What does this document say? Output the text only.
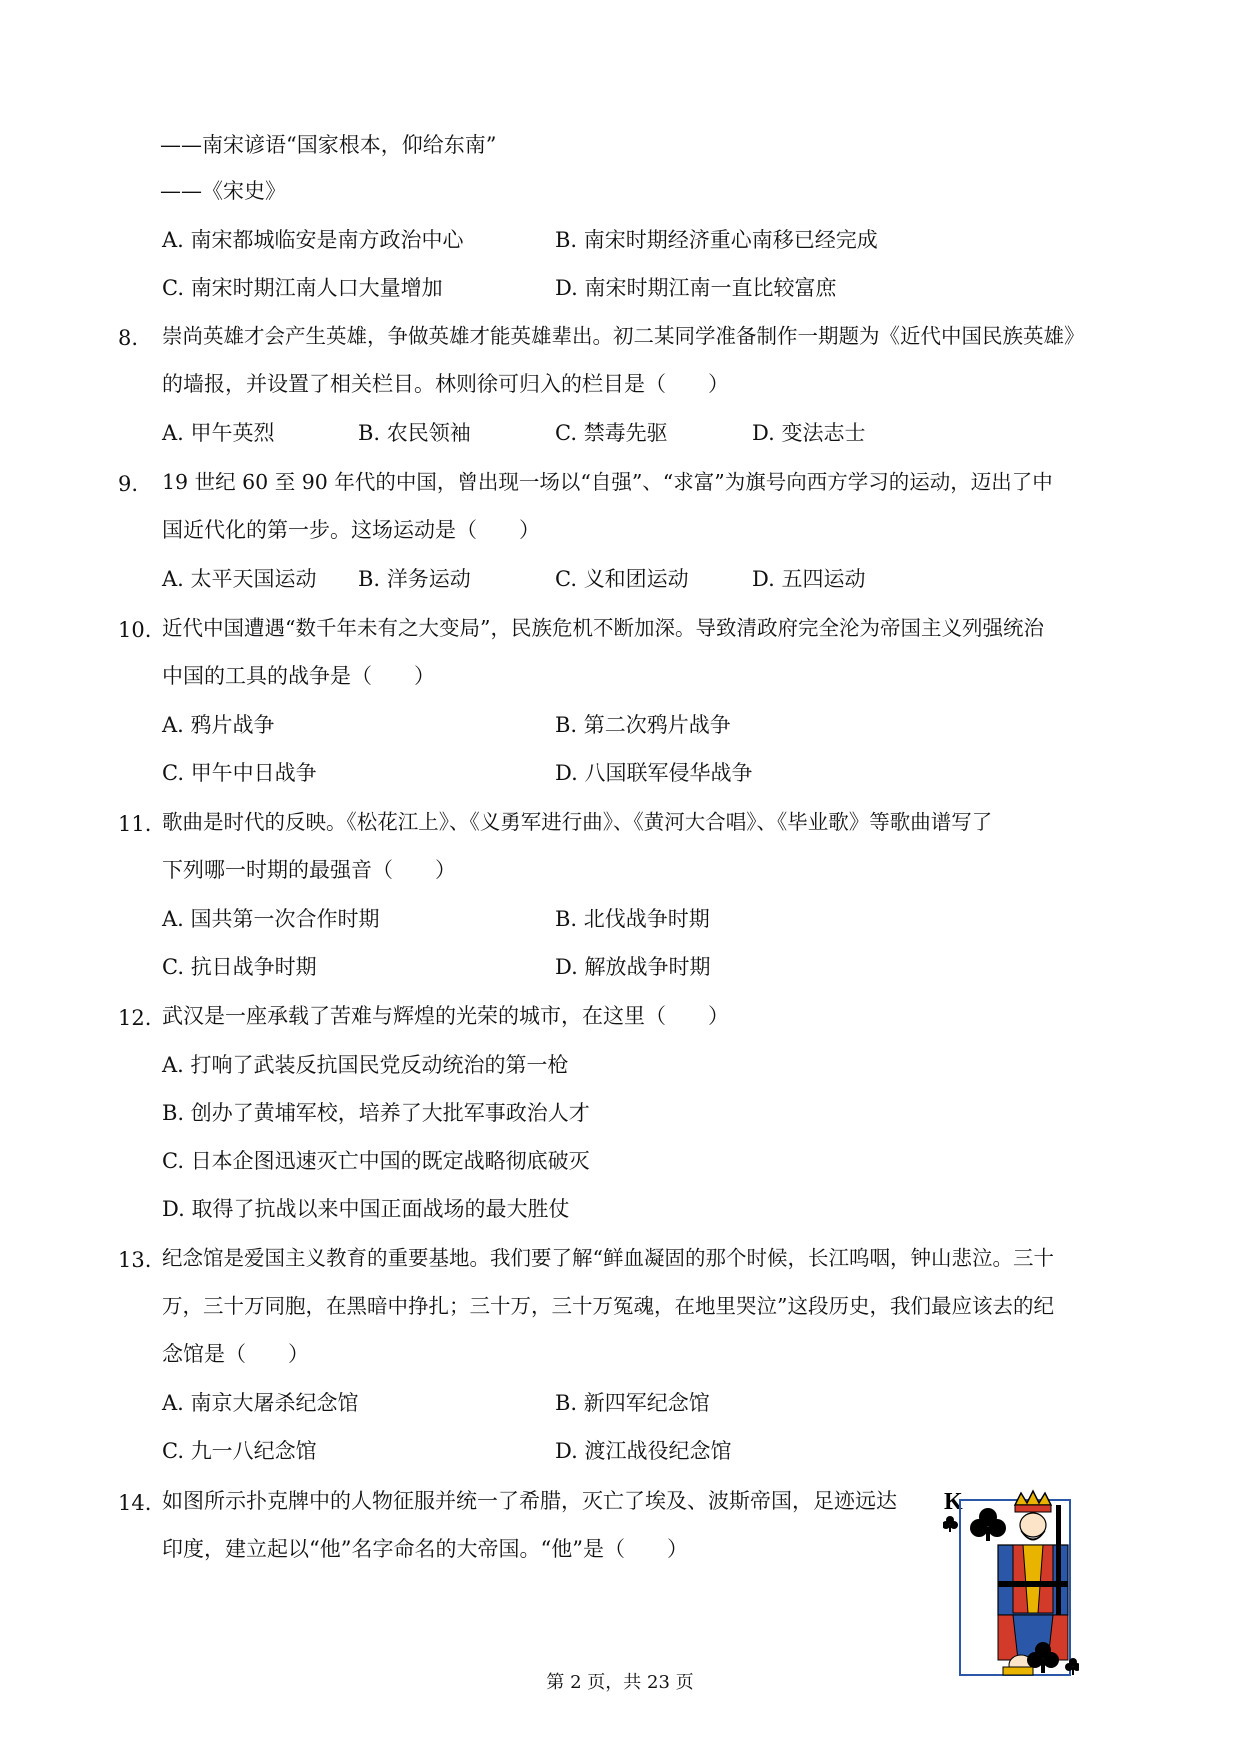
——南宋谚语“国家根本，仰给东南”
——《宋史》
A. 南宋都城临安是南方政治中心	B. 南宋时期经济重心南移已经完成
C. 南宋时期江南人口大量增加	D. 南宋时期江南一直比较富庶
8. 崇尚英雄才会产生英雄，争做英雄才能英雄辈出。初二某同学准备制作一期题为《近代中国民族英雄》
的墙报，并设置了相关栏目。林则徐可归入的栏目是（　　）
A. 甲午英烈	B. 农民领袖	C. 禁毒先驱	D. 变法志士
9. 19 世纪 60 至 90 年代的中国，曾出现一场以“自强”、“求富”为旗号向西方学习的运动，迈出了中
国近代化的第一步。这场运动是（　　）
A. 太平天国运动 B. 洋务运动	C. 义和团运动	D. 五四运动
10. 近代中国遭遇“数千年未有之大变局”，民族危机不断加深。导致清政府完全沦为帝国主义列强统治
中国的工具的战争是（　　）
A. 鸦片战争	B. 第二次鸦片战争
C. 甲午中日战争	D. 八国联军侵华战争
11. 歌曲是时代的反映。《松花江上》、《义勇军进行曲》、《黄河大合唱》、《毕业歌》等歌曲谱写了
下列哪一时期的最强音（　　）
A. 国共第一次合作时期	B. 北伐战争时期
C. 抗日战争时期	D. 解放战争时期
12. 武汉是一座承载了苦难与辉煌的光荣的城市，在这里（　　）
A. 打响了武装反抗国民党反动统治的第一枪
B. 创办了黄埔军校，培养了大批军事政治人才
C. 日本企图迅速灭亡中国的既定战略彻底破灭
D. 取得了抗战以来中国正面战场的最大胜仗
13. 纪念馆是爱国主义教育的重要基地。我们要了解“鲜血凝固的那个时候，长江呜咽，钟山悲泣。三十
万，三十万同胞，在黑暗中挣扎；三十万，三十万冤魂，在地里哭泣”这段历史，我们最应该去的纪
念馆是（　　）
A. 南京大屠杀纪念馆	B. 新四军纪念馆
C. 九一八纪念馆	D. 渡江战役纪念馆
14. 如图所示扑克牌中的人物征服并统一了希腊，灭亡了埃及、波斯帝国，足迹远达
印度，建立起以“他”名字命名的大帝国。“他”是（　　）
K
第 2 页，共 23 页
